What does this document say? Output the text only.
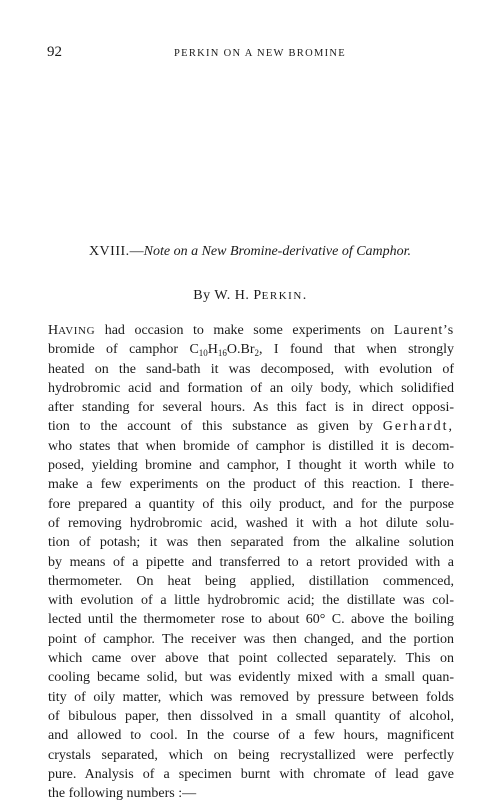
92	PERKIN ON A NEW BROMINE
XVIII.—Note on a New Bromine-derivative of Camphor.
By W. H. PERKIN.
HAVING had occasion to make some experiments on Laurent’s
bromide of camphor $C_{10}H_{16}O.Br_2$, I found that when strongly
heated on the sand-bath it was decomposed, with evolution of
hydrobromic acid and formation of an oily body, which solidified
after standing for several hours. As this fact is in direct opposi-
tion to the account of this substance as given by Gerhardt,
who states that when bromide of camphor is distilled it is decom-
posed, yielding bromine and camphor, I thought it worth while to
make a few experiments on the product of this reaction. I there-
fore prepared a quantity of this oily product, and for the purpose
of removing hydrobromic acid, washed it with a hot dilute solu-
tion of potash; it was then separated from the alkaline solution
by means of a pipette and transferred to a retort provided with a
thermometer. On heat being applied, distillation commenced,
with evolution of a little hydrobromic acid; the distillate was col-
lected until the thermometer rose to about 60° C. above the boiling
point of camphor. The receiver was then changed, and the portion
which came over above that point collected separately. This on
cooling became solid, but was evidently mixed with a small quan-
tity of oily matter, which was removed by pressure between folds
of bibulous paper, then dissolved in a small quantity of alcohol,
and allowed to cool. In the course of a few hours, magnificent
crystals separated, which on being recrystallized were perfectly
pure. Analysis of a specimen burnt with chromate of lead gave
the following numbers :—
